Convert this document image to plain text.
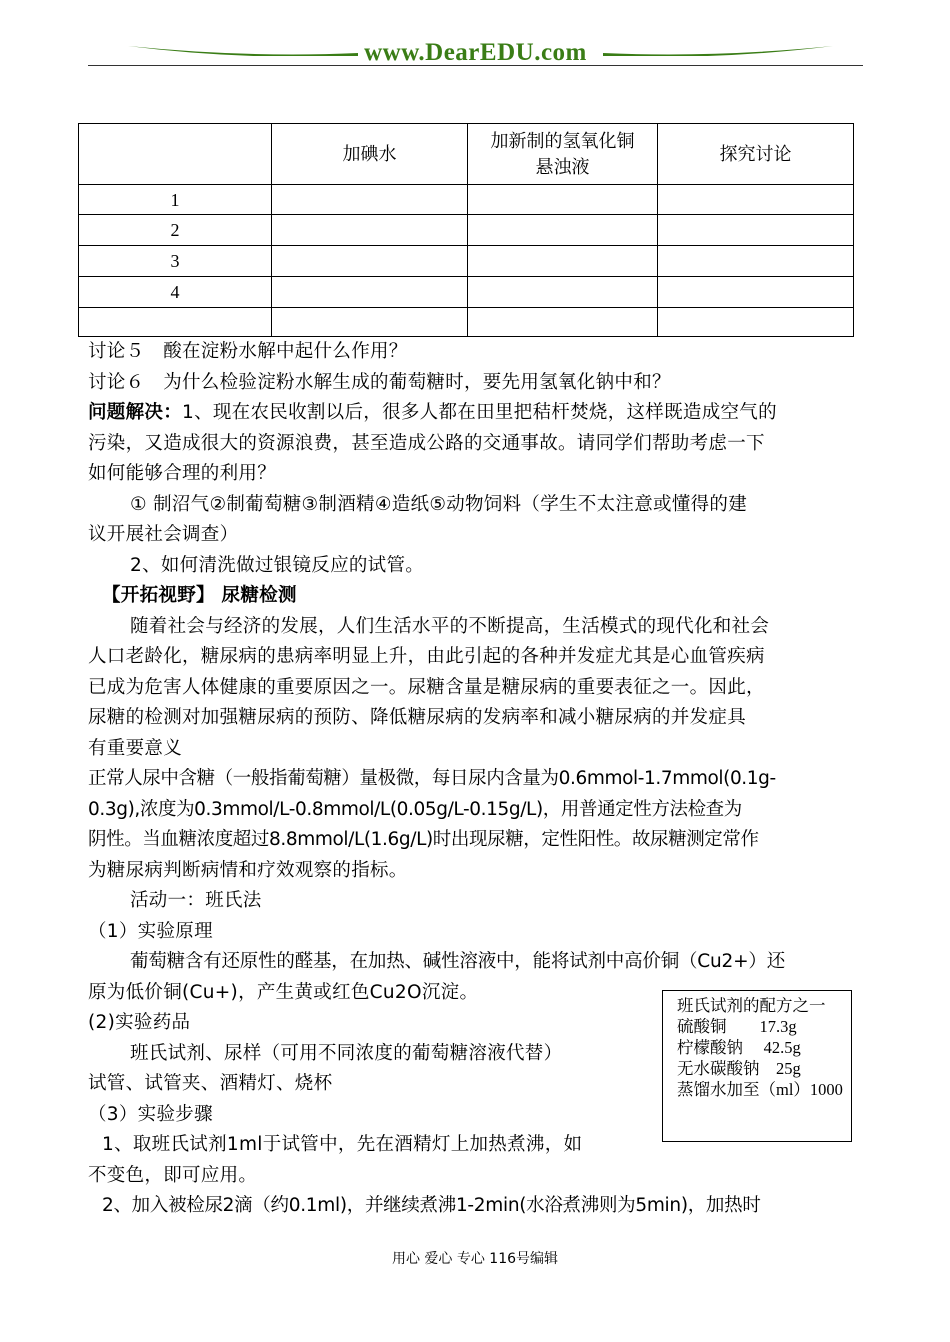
www.DearEDU.com
	加碘水	加新制的氢氧化铜悬浊液	探究讨论
1			
2			
3			
4			

讨论５　酸在淀粉水解中起什么作用？
讨论６　为什么检验淀粉水解生成的葡萄糖时，要先用氢氧化钠中和？
问题解决：1、现在农民收割以后，很多人都在田里把秸杆焚烧，这样既造成空气的
污染，又造成很大的资源浪费，甚至造成公路的交通事故。请同学们帮助考虑一下
如何能够合理的利用？
① 制沼气②制葡萄糖③制酒精④造纸⑤动物饲料（学生不太注意或懂得的建
议开展社会调查）
2、如何清洗做过银镜反应的试管。
【开拓视野】 尿糖检测
随着社会与经济的发展，人们生活水平的不断提高，生活模式的现代化和社会
人口老龄化，糖尿病的患病率明显上升，由此引起的各种并发症尤其是心血管疾病
已成为危害人体健康的重要原因之一。尿糖含量是糖尿病的重要表征之一。因此，
尿糖的检测对加强糖尿病的预防、降低糖尿病的发病率和减小糖尿病的并发症具
有重要意义
正常人尿中含糖（一般指葡萄糖）量极微，每日尿内含量为0.6mmol-1.7mmol(0.1g-
0.3g),浓度为0.3mmol/L-0.8mmol/L(0.05g/L-0.15g/L)，用普通定性方法检查为
阴性。当血糖浓度超过8.8mmol/L(1.6g/L)时出现尿糖，定性阳性。故尿糖测定常作
为糖尿病判断病情和疗效观察的指标。
活动一：班氏法
（1）实验原理
葡萄糖含有还原性的醛基，在加热、碱性溶液中，能将试剂中高价铜（Cu2+）还
原为低价铜(Cu+)，产生黄或红色Cu2O沉淀。
(2)实验药品
班氏试剂、尿样（可用不同浓度的葡萄糖溶液代替）
试管、试管夹、酒精灯、烧杯
（3）实验步骤
1、取班氏试剂1ml于试管中，先在酒精灯上加热煮沸，如
不变色，即可应用。
2、加入被检尿2滴（约0.1ml)，并继续煮沸1-2min(水浴煮沸则为5min)，加热时
班氏试剂的配方之一
硫酸铜　　17.3g
柠檬酸钠　 42.5g
无水碳酸钠　25g
蒸馏水加至（ml）1000
用心 爱心 专心 116号编辑
